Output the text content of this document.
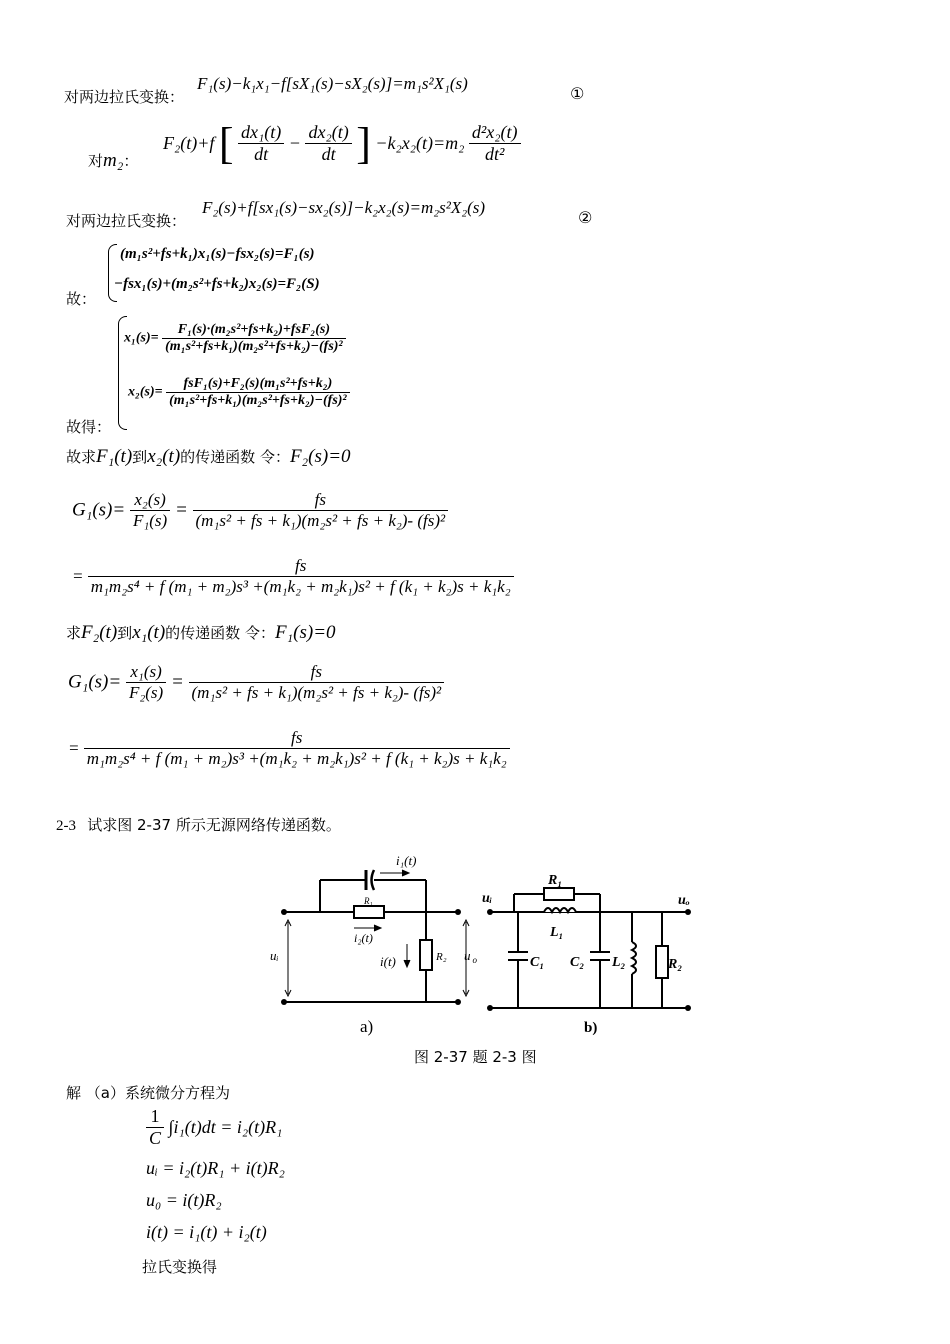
对两边拉氏变换：
F₁(s)−k₁x₁−f[sX₁(s)−sX₂(s)]=m₁s²X₁(s)
①
对m₂：
F₂(t)+f [ $\frac{\text{dx₁(t)}}{dt} - \frac{\text{dx₂(t)}}{dt}$ ] $-k_2x_2(t)=m_2 \frac{\text{d²x₂(t)}}{\text{dt²}}$
对两边拉氏变换：
F₂(s)+f[sx₁(s)−sx₂(s)]−k₂x₂(s)=m₂s²X₂(s)
②
故：
(m₁s²+fs+k₁)x₁(s)−fsx₂(s)=F₁(s)
−fsx₁(s)+(m₂s²+fs+k₂)x₂(s)=F₂(S)
故得：
$x_1(s)= \frac{\text{F₁(s)·(m₂s²+fs+k₂)+fsF₂(s)}}{\text{(m₁s²+fs+k₁)(m₂s²+fs+k₂)−(fs)²}}$
$x_2(s)= \frac{\text{fsF₁(s)+F₂(s)(m₁s²+fs+k₂)}}{\text{(m₁s²+fs+k₁)(m₂s²+fs+k₂)−(fs)²}}$
故求F₁(t)到x₂(t)的传递函数 令：F₂(s)=0
$G_1(s)= \frac{\text{x₂(s)}}{\text{F₁(s)}} = \frac{fs}{\text{(m₁s² + fs + k₁)(m₂s² + fs + k₂)- (fs)²}}$
=
fs
m₁m₂s⁴ + f (m₁ + m₂)s³ +(m₁k₂ + m₂k₁)s² + f (k₁ + k₂)s + k₁k₂
求F₂(t)到x₁(t)的传递函数 令：F₁(s)=0
$G_1(s)= \frac{\text{x₁(s)}}{\text{F₂(s)}} = \frac{fs}{\text{(m₁s² + fs + k₁)(m₂s² + fs + k₂)- (fs)²}}$
=
fs
m₁m₂s⁴ + f (m₁ + m₂)s³ +(m₁k₂ + m₂k₁)s² + f (k₁ + k₂)s + k₁k₂
2-3 试求图 2-37 所示无源网络传递函数。
i₁(t)
R₁
i₂(t)
uᵢ	i(t)	R₂ u $_o$
a)
uᵢ	uₒ
R₁
L₁
C₁ C₂ L₂	R₂
b)
图 2-37 题 2-3 图
解 （a）系统微分方程为
$\frac{1}{C} \int i_1(t)dt = i_2(t)R_1$
uᵢ = i₂(t)R₁ + i(t)R₂
u₀ = i(t)R₂
i(t) = i₁(t) + i₂(t)
拉氏变换得
